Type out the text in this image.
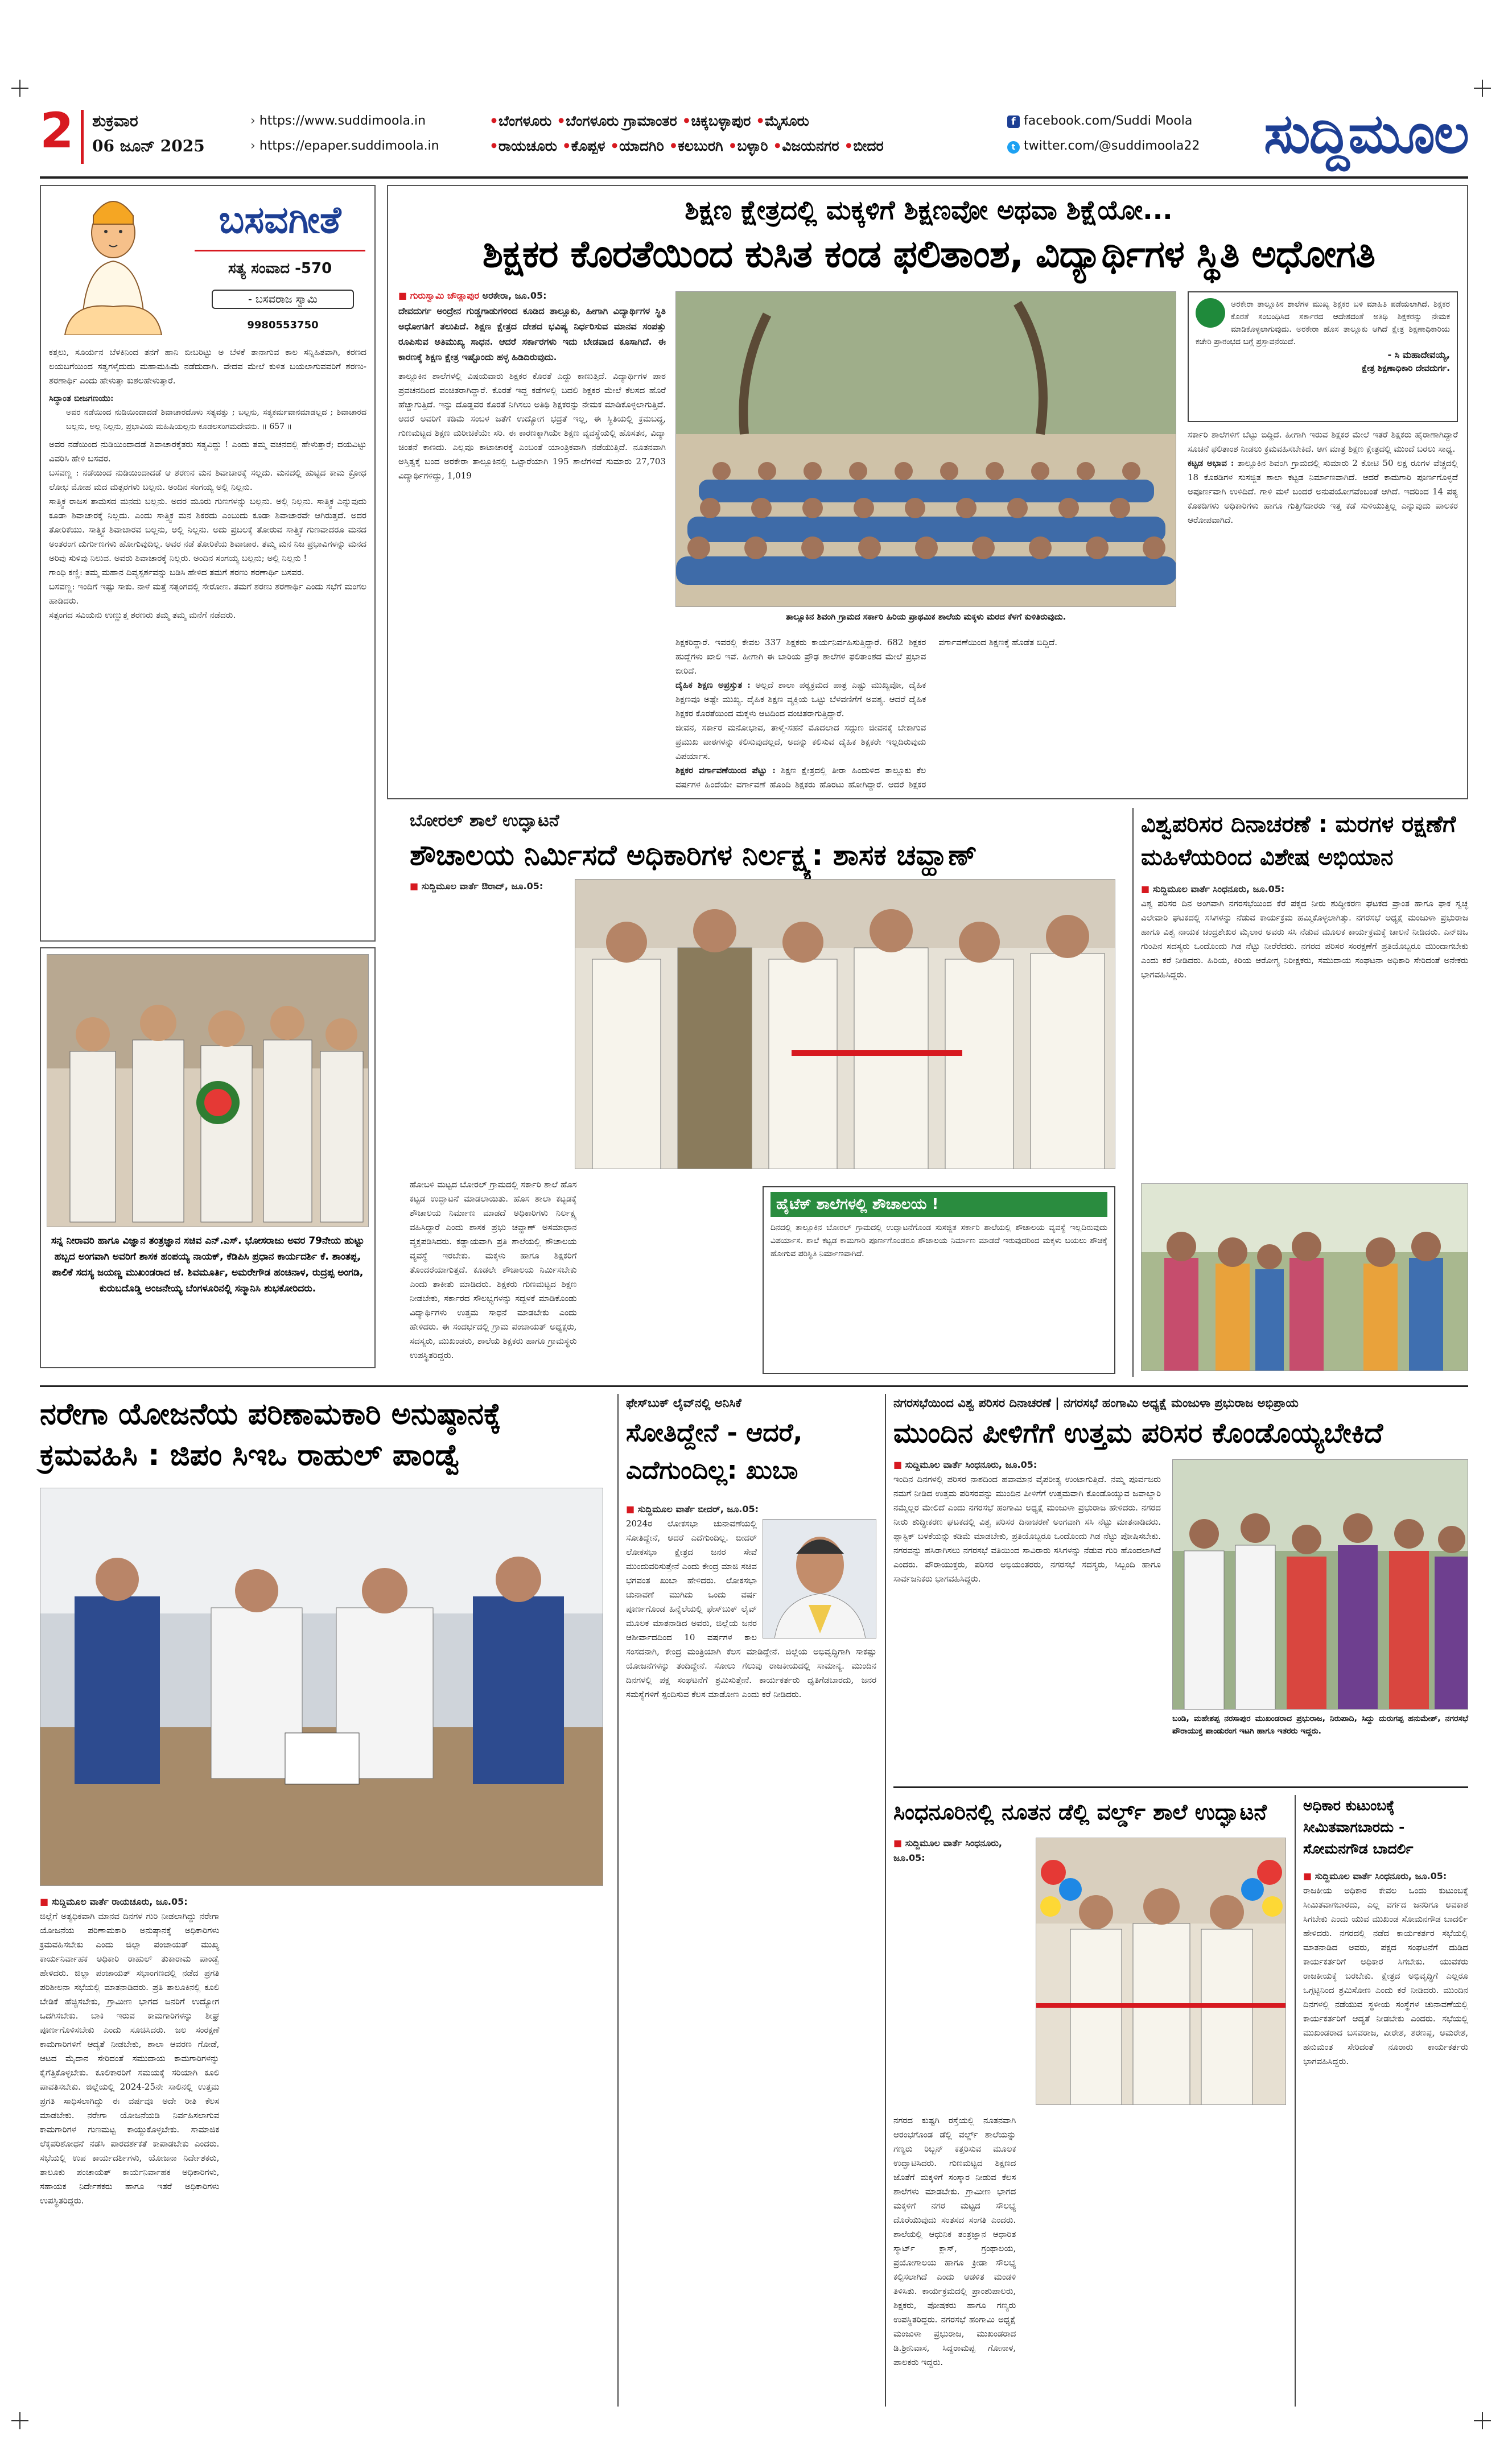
2 ಶುಕ್ರವಾರ
06 ಜೂನ್ 2025
› https://www.suddimoola.in
› https://epaper.suddimoola.in
•ಬೆಂಗಳೂರು •ಬೆಂಗಳೂರು ಗ್ರಾಮಾಂತರ •ಚಿಕ್ಕಬಳ್ಳಾಪುರ •ಮೈಸೂರು
•ರಾಯಚೂರು •ಕೊಪ್ಪಳ •ಯಾದಗಿರಿ •ಕಲಬುರಗಿ •ಬಳ್ಳಾರಿ •ವಿಜಯನಗರ •ಬೀದರ
f facebook.com/Suddi Moola
t twitter.com/@suddimoola22	ಸುದ್ದಿಮೂಲ
ಬಸವಗೀತೆ
ಸತ್ಯ ಸಂವಾದ -570
- ಬಸವರಾಜ ಸ್ವಾಮಿ
9980553750

ಕತ್ತಲು, ಸೂರ್ಯನ ಬೆಳಕಿನಿಂದ ತನಗೆ ಹಾನಿ ಬೀಬರಿಟ್ಟು ಅ ಬೆಳಕೆ ತಾನಾಗುವ ಕಾಲ ಸನ್ನಿಹಿತವಾಗಿ, ಕರಣದ ಲಯಬಗೆಯಿಂದ ಸತ್ವಗಳೈದುದು ಮಹಾಮಹಿಮೆ ನಡೆದುದಾಗಿ. ವೇದವ ಮೇಲೆ ಕುಳಿತ ಬಯಲಾಗುವವರಿಗೆ ಶರಣು-ಶರಣಾರ್ಥಿ ಎಂದು ಹೇಳುತ್ತಾ ಕುಶಲಹೇಳುತ್ತಾರೆ.

ಸಿದ್ಧಾಂತ ಬೀಜಗಣಯು:

ಅವರ ನಡೆಯಿಂದ ನುಡಿಯಿಂದಾದಡೆ ಶಿವಾಚಾರದೊಳು ಸತ್ಯವತ್ತು ; ಬಲ್ಲನು, ಸತ್ಯಕರ್ಮವಾನಮಾಡಲ್ಲದ ; ಶಿವಾಚಾರದ ಬಲ್ಲನು, ಅಲ್ಲ ನಿಲ್ಲನು, ಪ್ರಭಾವಿಯ ಮಹಿಷಿಯಲ್ಲನು ಕೂಡಲಸಂಗಮದೇವನು. ॥ 657 ॥

ಅವರ ನಡೆಯಿಂದ ನುಡಿಯಿಂದಾದಡೆ ಶಿವಾಚಾರಕ್ಕೆತರು ಸತ್ಯವಿದ್ದು ! ಎಂದು ತಮ್ಮ ವಚನದಲ್ಲಿ ಹೇಳುತ್ತಾರೆ; ದಯವಿಟ್ಟು ವಿವರಿಸಿ ಹೇಳಿ ಬಸವರ.

ಬಸವಣ್ಣ : ನಡೆಯಿಂದ ನುಡಿಯಿಂದಾದಡೆ ಆ ಶರಣನ ಮನ ಶಿವಾಚಾರಕ್ಕೆ ಸಲ್ಲದು. ಮನದಲ್ಲಿ ಹುಟ್ಟಿದ ಕಾಮ ಕ್ರೋಧ ಲೋಭ ಮೋಹ ಮದ ಮತ್ಸರಗಳು ಬಲ್ಲನು. ಅಂದಿನ ಸಂಗಯ್ಯ ಅಲ್ಲಿ ನಿಲ್ಲನು.

ಸಾತ್ತ್ವಿಕ ರಾಜಸ ತಾಮಸದ ಮನದು ಬಲ್ಲನು. ಅದರ ಮೂರು ಗುಣಗಳನ್ನು ಬಲ್ಲನು. ಅಲ್ಲಿ ನಿಲ್ಲನು. ಸಾತ್ತ್ವಿಕ ಎನ್ನುವುದು ಕೂಡಾ ಶಿವಾಚಾರಕ್ಕೆ ನಿಲ್ಲದು. ಎಂದು ಸಾತ್ತ್ವಿಕ ಮನ ಶಿಕರದು ಎಂಬುದು ಕೂಡಾ ಶಿವಾಚಾರವೇ ಆಗಿರುತ್ತದೆ. ಅದರ ತೋರಿಕೆಯು. ಸಾತ್ತ್ವಿಕ ಶಿವಾಚಾರವ ಬಲ್ಲನು, ಅಲ್ಲಿ ನಿಲ್ಲನು. ಅದು ಪ್ರಬಲಕ್ಕೆ ತೋರುವ ಸಾತ್ತ್ವಿಕ ಗುಣವಾದರೂ ಮನದ ಅಂತರಂಗ ದುರ್ಗುಣಗಳು ಹೋಗುವುದಿಲ್ಲ. ಅವರ ನಡೆ ತೋರಿಕೆಯ ಶಿವಾಚಾರ. ತಮ್ಮ ಮನ ನಿಜ ಪ್ರಭಾವಿಗಳನ್ನು ಮನದ ಅರಿವು ಸುಳಿವು ನಿಲುವ. ಅವರು ಶಿವಾಚಾರಕ್ಕೆ ನಿಲ್ಲರು. ಅಂದಿನ ಸಂಗಯ್ಯ ಬಲ್ಲನು; ಅಲ್ಲಿ ನಿಲ್ಲನು !

ಗಾಂಧಿ ಕಣ್ಣಿ: ತಮ್ಮ ಮಹಾನ ದಿವ್ಯಸ್ಪರ್ಶವನ್ನು ಬಡಿಸಿ ಹೇಳಿದ ತಮಗೆ ಶರಣು ಶರಣಾರ್ಥಿ ಬಸವರ.

ಬಸವಣ್ಣ: ಇಂದಿಗೆ ಇಷ್ಟು ಸಾಕು. ನಾಳೆ ಮತ್ತೆ ಸತ್ಸಂಗದಲ್ಲಿ ಸೇರೋಣ. ತಮಗೆ ಶರಣು ಶರಣಾರ್ಥಿ ಎಂದು ಸಭೆಗೆ ಮಂಗಲ ಹಾಡಿದರು.

ಸತ್ಸಂಗದ ಸವಿಯನು ಉಣ್ಣುತ್ತ ಶರಣರು ತಮ್ಮ ತಮ್ಮ ಮನೆಗೆ ನಡೆದರು.

ಸನ್ನ ನೀರಾವರಿ ಹಾಗೂ ವಿಜ್ಞಾನ ತಂತ್ರಜ್ಞಾನ ಸಚಿವ ಎನ್.ಎಸ್. ಭೋಸರಾಜು ಅವರ 79ನೇಯ ಹುಟ್ಟು ಹಬ್ಬದ ಅಂಗವಾಗಿ ಅವರಿಗೆ ಶಾಸಕ ಹಂಪಯ್ಯ ನಾಯಕ್, ಕೆಡಿಪಿಸಿ ಪ್ರಧಾನ ಕಾರ್ಯದರ್ಶಿ ಕೆ. ಶಾಂತಪ್ಪ, ಪಾಲಿಕೆ ಸದಸ್ಯ ಜಯಣ್ಣ ಮುಖಂಡರಾದ ಜೆ. ಶಿವಮೂರ್ತಿ, ಅಮರೇಗೌಡ ಹಂಚಿನಾಳ, ರುದ್ರಪ್ಪ ಅಂಗಡಿ, ಕುರುಬದೊಡ್ಡಿ ಅಂಜನೇಯ್ಯ ಬೆಂಗಳೂರಿನಲ್ಲಿ ಸನ್ಮಾನಿಸಿ ಶುಭಕೋರಿದರು.
ಶಿಕ್ಷಣ ಕ್ಷೇತ್ರದಲ್ಲಿ ಮಕ್ಕಳಿಗೆ ಶಿಕ್ಷಣವೋ ಅಥವಾ ಶಿಕ್ಷೆಯೋ...
ಶಿಕ್ಷಕರ ಕೊರತೆಯಿಂದ ಕುಸಿತ ಕಂಡ ಫಲಿತಾಂಶ, ವಿದ್ಯಾರ್ಥಿಗಳ ಸ್ಥಿತಿ ಅಧೋಗತಿ
■ ಗುರುಸ್ವಾಮಿ ಚೌಡ್ಲಾಪುರ ಅರಕೇರಾ, ಜೂ.05:

ದೇವದುರ್ಗ ಅಂದ್ರೇನ ಗುಡ್ಡಗಾಡುಗಳಿಂದ ಕೂಡಿದ ತಾಲ್ಲೂಕು, ಹೀಗಾಗಿ ವಿದ್ಯಾರ್ಥಿಗಳ ಸ್ಥಿತಿ ಅಧೋಗತಿಗೆ ತಲುಪಿದೆ. ಶಿಕ್ಷಣ ಕ್ಷೇತ್ರದ ದೇಶದ ಭವಿಷ್ಯ ನಿರ್ಧರಿಸುವ ಮಾನವ ಸಂಪತ್ತು ರೂಪಿಸುವ ಅತಿಮುಖ್ಯ ಸಾಧನ. ಆದರೆ ಸರ್ಕಾರಗಳು ಇದು ಬೇಡವಾದ ಕೂಸಾಗಿದೆ. ಈ ಕಾರಣಕ್ಕೆ ಶಿಕ್ಷಣ ಕ್ಷೇತ್ರ ಇಷ್ಟೊಂದು ಹಳ್ಳ ಹಿಡಿದಿರುವುದು.

ತಾಲ್ಲೂಕಿನ ಶಾಲೆಗಳಲ್ಲಿ ವಿಷಯವಾರು ಶಿಕ್ಷಕರ ಕೊರತೆ ಎದ್ದು ಕಾಣುತ್ತಿದೆ. ವಿದ್ಯಾರ್ಥಿಗಳ ಪಾಠ ಪ್ರವಚನದಿಂದ ವಂಚಿತರಾಗಿದ್ದಾರೆ. ಕೊರತೆ ಇದ್ದ ಕಡೆಗಳಲ್ಲಿ ಬದಲಿ ಶಿಕ್ಷಕರ ಮೇಲೆ ಕೆಲಸದ ಹೊರೆ ಹೆಚ್ಚಾಗುತ್ತಿದೆ. ಇನ್ನು ದೊಡ್ಡವರ ಕೊರತೆ ನಿಗಿಸಲು ಅತಿಥಿ ಶಿಕ್ಷಕರನ್ನು ನೇಮಕ ಮಾಡಿಕೊಳ್ಳಲಾಗುತ್ತಿದೆ. ಆದರೆ ಅವರಿಗೆ ಕಡಿಮೆ ಸಂಬಳ ಜತೆಗೆ ಉದ್ಯೋಗ ಭದ್ರತೆ ಇಲ್ಲ, ಈ ಸ್ಥಿತಿಯಲ್ಲಿ ಕ್ರಮಬದ್ಧ, ಗುಣಮಟ್ಟದ ಶಿಕ್ಷಣ ಮರೀಚಿಕೆಯೇ ಸರಿ. ಈ ಕಾರಣಕ್ಕಾಗಿಯೇ ಶಿಕ್ಷಣ ವ್ಯವಸ್ಥೆಯಲ್ಲಿ ಹೊಸತನ, ವಿದ್ಯಾ ಚಿಂತನೆ ಕಾಣದು. ಎಲ್ಲವೂ ಕಾಟಾಚಾರಕ್ಕೆ ಎಂಬಂತೆ ಯಾಂತ್ರಿಕವಾಗಿ ನಡೆಯುತ್ತಿದೆ. ನೂತನವಾಗಿ ಅಸ್ತಿತ್ವಕ್ಕೆ ಬಂದ ಅರಕೇರಾ ತಾಲ್ಲೂಕಿನಲ್ಲಿ ಒಟ್ಟಾರೆಯಾಗಿ 195 ಶಾಲೆಗಳಿವೆ ಸುಮಾರು 27,703 ವಿದ್ಯಾರ್ಥಿಗಳಿದ್ದು, 1,019

ತಾಲ್ಲೂಕಿನ ಶಿವಂಗಿ ಗ್ರಾಮದ ಸರ್ಕಾರಿ ಹಿರಿಯ ಪ್ರಾಥಮಿಕ ಶಾಲೆಯ ಮಕ್ಕಳು ಮರದ ಕೆಳಗೆ ಕುಳಿತಿರುವುದು.

ಶಿಕ್ಷಕರಿದ್ದಾರೆ. ಇವರಲ್ಲಿ ಕೇವಲ 337 ಶಿಕ್ಷಕರು ಕಾರ್ಯನಿರ್ವಹಿಸುತ್ತಿದ್ದಾರೆ. 682 ಶಿಕ್ಷಕರ ಹುದ್ದೆಗಳು ಖಾಲಿ ಇವೆ. ಹೀಗಾಗಿ ಈ ಬಾರಿಯ ಪ್ರೌಢ ಶಾಲೆಗಳ ಫಲಿತಾಂಶದ ಮೇಲೆ ಪ್ರಭಾವ ಬೀರಿದೆ.

ದೈಹಿಕ ಶಿಕ್ಷಣ ಅಪ್ರಸ್ತುತ : ಅಲ್ಲದೆ ಶಾಲಾ ಪಠ್ಯಕ್ರಮದ ಪಾತ್ರ ಎಷ್ಟು ಮುಖ್ಯವೋ, ದೈಹಿಕ ಶಿಕ್ಷಣವೂ ಅಷ್ಟೇ ಮುಖ್ಯ. ದೈಹಿಕ ಶಿಕ್ಷಣ ವ್ಯಕ್ತಿಯ ಒಟ್ಟು ಬೆಳವಣಿಗೆಗೆ ಅವಶ್ಯ. ಆದರೆ ದೈಹಿಕ ಶಿಕ್ಷಕರ ಕೊರತೆಯಿಂದ ಮಕ್ಕಳು ಆಟದಿಂದ ವಂಚಿತರಾಗುತ್ತಿದ್ದಾರೆ.

ಜೀವನ, ಸರ್ಕಾರ ಮನೋಭಾವ, ತಾಳ್ಮೆ-ಸಹನೆ ಮೊದಲಾದ ಸದ್ಗುಣ ಜೀವನಕ್ಕೆ ಬೇಕಾಗುವ ಪ್ರಮುಖ ಪಾಠಗಳನ್ನು ಕಲಿಸುವುದಲ್ಲದೆ, ಅದನ್ನು ಕಲಿಸುವ ದೈಹಿಕ ಶಿಕ್ಷಕರೇ ಇಲ್ಲದಿರುವುದು ವಿಪರ್ಯಾಸ.

ಶಿಕ್ಷಕರ ವರ್ಗಾವಣೆಯಿಂದ ಪೆಟ್ಟು : ಶಿಕ್ಷಣ ಕ್ಷೇತ್ರದಲ್ಲಿ ತೀರಾ ಹಿಂದುಳಿದ ತಾಲ್ಲೂಕು ಕೆಲ ವರ್ಷಗಳ ಹಿಂದೆಯೇ ವರ್ಗಾವಣೆ ಹೊಂದಿ ಶಿಕ್ಷಕರು ಹೊರಟು ಹೋಗಿದ್ದಾರೆ. ಆದರೆ ಶಿಕ್ಷಕರ ವರ್ಗಾವಣೆಯಿಂದ ಶಿಕ್ಷಣಕ್ಕೆ ಹೊಡೆತ ಬಿದ್ದಿದೆ.

ಅರಕೇರಾ ತಾಲ್ಲೂಕಿನ ಶಾಲೆಗಳ ಮುಖ್ಯ ಶಿಕ್ಷಕರ ಬಳಿ ಮಾಹಿತಿ ಪಡೆಯಲಾಗಿದೆ. ಶಿಕ್ಷಕರ ಕೊರತೆ ಸಂಬಂಧಿಸಿದ ಸರ್ಕಾರದ ಆದೇಶದಂತೆ ಅತಿಥಿ ಶಿಕ್ಷಕರನ್ನು ನೇಮಕ ಮಾಡಿಕೊಳ್ಳಲಾಗುವುದು. ಅರಕೇರಾ ಹೊಸ ತಾಲ್ಲೂಕು ಆಗಿದೆ ಕ್ಷೇತ್ರ ಶಿಕ್ಷಣಾಧಿಕಾರಿಯ ಕಚೇರಿ ಪ್ರಾರಂಭದ ಬಗ್ಗೆ ಪ್ರಸ್ತಾವನೆಯಿದೆ.

- ಸಿ ಮಹಾದೇವಯ್ಯ,

ಕ್ಷೇತ್ರ ಶಿಕ್ಷಣಾಧಿಕಾರಿ ದೇವದುರ್ಗ.

ಸರ್ಕಾರಿ ಶಾಲೆಗಳಿಗೆ ಬೆಟ್ಟು ಬಿದ್ದಿದೆ. ಹೀಗಾಗಿ ಇರುವ ಶಿಕ್ಷಕರ ಮೇಲೆ ಇತರೆ ಶಿಕ್ಷಕರು ಹೈರಾಣಾಗಿದ್ದಾರೆ ಸೂಚನೆ ಫಲಿತಾಂಶ ನೀಡಲು ಕ್ರಮವಹಿಸಬೇಕಿದೆ. ಆಗ ಮಾತ್ರ ಶಿಕ್ಷಣ ಕ್ಷೇತ್ರದಲ್ಲಿ ಮುಂದೆ ಬರಲು ಸಾಧ್ಯ.

ಕಟ್ಟಡ ಅಭಾವ : ತಾಲ್ಲೂಕಿನ ಶಿವಂಗಿ ಗ್ರಾಮದಲ್ಲಿ ಸುಮಾರು 2 ಕೋಟಿ 50 ಲಕ್ಷ ರೂಗಳ ವೆಚ್ಚದಲ್ಲಿ 18 ಕೊಠಡಿಗಳ ಸುಸಜ್ಜಿತ ಶಾಲಾ ಕಟ್ಟಡ ನಿರ್ಮಾಣವಾಗಿದೆ. ಆದರೆ ಕಾಮಗಾರಿ ಪೂರ್ಣಗೊಳ್ಳದೆ ಅಪೂರ್ಣವಾಗಿ ಉಳಿದಿದೆ. ಗಾಳಿ ಮಳೆ ಬಂದರೆ ಅನುಪಯೋಗವೆಂಬಂತೆ ಆಗಿದೆ. ಇದರಿಂದ 14 ಪಠ್ಯ ಕೊಠಡಿಗಳು ಅಧಿಕಾರಿಗಳು ಹಾಗೂ ಗುತ್ತಿಗೆದಾರರು ಇತ್ತ ಕಡೆ ಸುಳಿಯುತ್ತಿಲ್ಲ ಎನ್ನುವುದು ಪಾಲಕರ ಆರೋಪವಾಗಿದೆ.

ಬೋರಲ್ ಶಾಲೆ ಉದ್ಘಾಟನೆ
ಶೌಚಾಲಯ ನಿರ್ಮಿಸದೆ ಅಧಿಕಾರಿಗಳ ನಿರ್ಲಕ್ಷ್ಯ: ಶಾಸಕ ಚವ್ಹಾಣ್
■ ಸುದ್ದಿಮೂಲ ವಾರ್ತೆ ಔರಾದ್, ಜೂ.05:

ಹೋಬಳಿ ಮಟ್ಟದ ಬೋರಲ್ ಗ್ರಾಮದಲ್ಲಿ ಸರ್ಕಾರಿ ಶಾಲೆ ಹೊಸ ಕಟ್ಟಡ ಉದ್ಘಾಟನೆ ಮಾಡಲಾಯಿತು. ಹೊಸ ಶಾಲಾ ಕಟ್ಟಡಕ್ಕೆ ಶೌಚಾಲಯ ನಿರ್ಮಾಣ ಮಾಡದೆ ಅಧಿಕಾರಿಗಳು ನಿರ್ಲಕ್ಷ್ಯ ವಹಿಸಿದ್ದಾರೆ ಎಂದು ಶಾಸಕ ಪ್ರಭು ಚವ್ಹಾಣ್ ಅಸಮಾಧಾನ ವ್ಯಕ್ತಪಡಿಸಿದರು. ಕಡ್ಡಾಯವಾಗಿ ಪ್ರತಿ ಶಾಲೆಯಲ್ಲಿ ಶೌಚಾಲಯ ವ್ಯವಸ್ಥೆ ಇರಬೇಕು. ಮಕ್ಕಳು ಹಾಗೂ ಶಿಕ್ಷಕರಿಗೆ ತೊಂದರೆಯಾಗುತ್ತದೆ. ಕೂಡಲೇ ಶೌಚಾಲಯ ನಿರ್ಮಿಸಬೇಕು ಎಂದು ತಾಕೀತು ಮಾಡಿದರು. ಶಿಕ್ಷಕರು ಗುಣಮಟ್ಟದ ಶಿಕ್ಷಣ ನೀಡಬೇಕು, ಸರ್ಕಾರದ ಸೌಲಭ್ಯಗಳನ್ನು ಸದ್ಬಳಕೆ ಮಾಡಿಕೊಂಡು ವಿದ್ಯಾರ್ಥಿಗಳು ಉತ್ತಮ ಸಾಧನೆ ಮಾಡಬೇಕು ಎಂದು ಹೇಳಿದರು. ಈ ಸಂದರ್ಭದಲ್ಲಿ ಗ್ರಾಮ ಪಂಚಾಯತ್ ಅಧ್ಯಕ್ಷರು, ಸದಸ್ಯರು, ಮುಖಂಡರು, ಶಾಲೆಯ ಶಿಕ್ಷಕರು ಹಾಗೂ ಗ್ರಾಮಸ್ಥರು ಉಪಸ್ಥಿತರಿದ್ದರು.

ಹೈಟೆಕ್ ಶಾಲೆಗಳಲ್ಲಿ ಶೌಚಾಲಯ !

ದಿನದಲ್ಲಿ ತಾಲ್ಲೂಕಿನ ಬೋರಲ್ ಗ್ರಾಮದಲ್ಲಿ ಉದ್ಘಾಟನೆಗೊಂಡ ಸುಸಜ್ಜಿತ ಸರ್ಕಾರಿ ಶಾಲೆಯಲ್ಲಿ ಶೌಚಾಲಯ ವ್ಯವಸ್ಥೆ ಇಲ್ಲದಿರುವುದು ವಿಪರ್ಯಾಸ. ಶಾಲೆ ಕಟ್ಟಡ ಕಾಮಗಾರಿ ಪೂರ್ಣಗೊಂಡರೂ ಶೌಚಾಲಯ ನಿರ್ಮಾಣ ಮಾಡದೆ ಇರುವುದರಿಂದ ಮಕ್ಕಳು ಬಯಲು ಶೌಚಕ್ಕೆ ಹೋಗುವ ಪರಿಸ್ಥಿತಿ ನಿರ್ಮಾಣವಾಗಿದೆ.

ವಿಶ್ವಪರಿಸರ ದಿನಾಚರಣೆ : ಮರಗಳ ರಕ್ಷಣೆಗೆ ಮಹಿಳೆಯರಿಂದ ವಿಶೇಷ ಅಭಿಯಾನ
■ ಸುದ್ದಿಮೂಲ ವಾರ್ತೆ ಸಿಂಧನೂರು, ಜೂ.05:

ವಿಶ್ವ ಪರಿಸರ ದಿನ ಅಂಗವಾಗಿ ನಗರಸಭೆಯಿಂದ ಕೆರೆ ಪಕ್ಕದ ನೀರು ಶುದ್ಧೀಕರಣ ಘಟಕದ ಪ್ರಾಂತ ಹಾಗೂ ಫಾಕ ಸ್ವಚ್ಛ ವಿಲೇವಾರಿ ಘಟಕದಲ್ಲಿ ಸಸಿಗಳನ್ನು ನೆಡುವ ಕಾರ್ಯಕ್ರಮ ಹಮ್ಮಿಕೊಳ್ಳಲಾಗಿತ್ತು. ನಗರಸಭೆ ಅಧ್ಯಕ್ಷೆ ಮಂಜುಳಾ ಪ್ರಭುರಾಜ ಹಾಗೂ ವಿಶ್ವ ನಾಯಕ ಚಂದ್ರಶೇಖರ ಮೈಲಾರ ಅವರು ಸಸಿ ನೆಡುವ ಮೂಲಕ ಕಾರ್ಯಕ್ರಮಕ್ಕೆ ಚಾಲನೆ ನೀಡಿದರು. ಎನ್‌ಜಿಒ ಗುಂಪಿನ ಸದಸ್ಯರು ಒಂದೊಂದು ಗಿಡ ನೆಟ್ಟು ನೀರೆರೆದರು. ನಗರದ ಪರಿಸರ ಸಂರಕ್ಷಣೆಗೆ ಪ್ರತಿಯೊಬ್ಬರೂ ಮುಂದಾಗಬೇಕು ಎಂದು ಕರೆ ನೀಡಿದರು. ಹಿರಿಯ, ಕಿರಿಯ ಆರೋಗ್ಯ ನಿರೀಕ್ಷಕರು, ಸಮುದಾಯ ಸಂಘಟನಾ ಅಧಿಕಾರಿ ಸೇರಿದಂತೆ ಅನೇಕರು ಭಾಗವಹಿಸಿದ್ದರು.

ನರೇಗಾ ಯೋಜನೆಯ ಪರಿಣಾಮಕಾರಿ ಅನುಷ್ಠಾನಕ್ಕೆ ಕ್ರಮವಹಿಸಿ : ಜಿಪಂ ಸಿಇಒ ರಾಹುಲ್ ಪಾಂಡ್ವೆ
■ ಸುದ್ದಿಮೂಲ ವಾರ್ತೆ ರಾಯಚೂರು, ಜೂ.05:

ಜಿಲ್ಲೆಗೆ ಅತ್ಯಧಿಕವಾಗಿ ಮಾನವ ದಿನಗಳ ಗುರಿ ನೀಡಲಾಗಿದ್ದು ನರೇಗಾ ಯೋಜನೆಯ ಪರಿಣಾಮಕಾರಿ ಅನುಷ್ಠಾನಕ್ಕೆ ಅಧಿಕಾರಿಗಳು ಕ್ರಮವಹಿಸಬೇಕು ಎಂದು ಜಿಲ್ಲಾ ಪಂಚಾಯತ್ ಮುಖ್ಯ ಕಾರ್ಯನಿರ್ವಾಹಕ ಅಧಿಕಾರಿ ರಾಹುಲ್ ತುಕಾರಾಮ ಪಾಂಡ್ವೆ ಹೇಳಿದರು. ಜಿಲ್ಲಾ ಪಂಚಾಯತ್ ಸಭಾಂಗಣದಲ್ಲಿ ನಡೆದ ಪ್ರಗತಿ ಪರಿಶೀಲನಾ ಸಭೆಯಲ್ಲಿ ಮಾತನಾಡಿದರು. ಪ್ರತಿ ತಾಲೂಕಿನಲ್ಲಿ ಕೂಲಿ ಬೇಡಿಕೆ ಹೆಚ್ಚಿಸಬೇಕು, ಗ್ರಾಮೀಣ ಭಾಗದ ಜನರಿಗೆ ಉದ್ಯೋಗ ಒದಗಿಸಬೇಕು. ಬಾಕಿ ಇರುವ ಕಾಮಗಾರಿಗಳನ್ನು ಶೀಘ್ರ ಪೂರ್ಣಗೊಳಿಸಬೇಕು ಎಂದು ಸೂಚಿಸಿದರು. ಜಲ ಸಂರಕ್ಷಣೆ ಕಾಮಗಾರಿಗಳಿಗೆ ಆದ್ಯತೆ ನೀಡಬೇಕು, ಶಾಲಾ ಆವರಣ ಗೋಡೆ, ಆಟದ ಮೈದಾನ ಸೇರಿದಂತೆ ಸಮುದಾಯ ಕಾಮಗಾರಿಗಳನ್ನು ಕೈಗೆತ್ತಿಕೊಳ್ಳಬೇಕು. ಕೂಲಿಕಾರರಿಗೆ ಸಮಯಕ್ಕೆ ಸರಿಯಾಗಿ ಕೂಲಿ ಪಾವತಿಸಬೇಕು. ಜಿಲ್ಲೆಯಲ್ಲಿ 2024-25ನೇ ಸಾಲಿನಲ್ಲಿ ಉತ್ತಮ ಪ್ರಗತಿ ಸಾಧಿಸಲಾಗಿದ್ದು ಈ ವರ್ಷವೂ ಅದೇ ರೀತಿ ಕೆಲಸ ಮಾಡಬೇಕು. ನರೇಗಾ ಯೋಜನೆಯಡಿ ನಿರ್ವಹಿಸಲಾಗುವ ಕಾಮಗಾರಿಗಳ ಗುಣಮಟ್ಟ ಕಾಯ್ದುಕೊಳ್ಳಬೇಕು. ಸಾಮಾಜಿಕ ಲೆಕ್ಕಪರಿಶೋಧನೆ ನಡೆಸಿ ಪಾರದರ್ಶಕತೆ ಕಾಪಾಡಬೇಕು ಎಂದರು. ಸಭೆಯಲ್ಲಿ ಉಪ ಕಾರ್ಯದರ್ಶಿಗಳು, ಯೋಜನಾ ನಿರ್ದೇಶಕರು, ತಾಲೂಕು ಪಂಚಾಯತ್ ಕಾರ್ಯನಿರ್ವಾಹಕ ಅಧಿಕಾರಿಗಳು, ಸಹಾಯಕ ನಿರ್ದೇಶಕರು ಹಾಗೂ ಇತರೆ ಅಧಿಕಾರಿಗಳು ಉಪಸ್ಥಿತರಿದ್ದರು.

ಫೇಸ್‌ಬುಕ್ ಲೈವ್‌ನಲ್ಲಿ ಅನಿಸಿಕೆ
ಸೋತಿದ್ದೇನೆ - ಆದರೆ, ಎದೆಗುಂದಿಲ್ಲ: ಖುಬಾ
■ ಸುದ್ದಿಮೂಲ ವಾರ್ತೆ ಬೀದರ್, ಜೂ.05:

2024ರ ಲೋಕಸಭಾ ಚುನಾವಣೆಯಲ್ಲಿ ಸೋತಿದ್ದೇನೆ, ಆದರೆ ಎದೆಗುಂದಿಲ್ಲ. ಬೀದರ್ ಲೋಕಸಭಾ ಕ್ಷೇತ್ರದ ಜನರ ಸೇವೆ ಮುಂದುವರಿಸುತ್ತೇನೆ ಎಂದು ಕೇಂದ್ರ ಮಾಜಿ ಸಚಿವ ಭಗವಂತ ಖುಬಾ ಹೇಳಿದರು. ಲೋಕಸಭಾ ಚುನಾವಣೆ ಮುಗಿದು ಒಂದು ವರ್ಷ ಪೂರ್ಣಗೊಂಡ ಹಿನ್ನೆಲೆಯಲ್ಲಿ ಫೇಸ್‌ಬುಕ್ ಲೈವ್ ಮೂಲಕ ಮಾತನಾಡಿದ ಅವರು, ಜಿಲ್ಲೆಯ ಜನರ ಆಶೀರ್ವಾದದಿಂದ 10 ವರ್ಷಗಳ ಕಾಲ ಸಂಸದನಾಗಿ, ಕೇಂದ್ರ ಮಂತ್ರಿಯಾಗಿ ಕೆಲಸ ಮಾಡಿದ್ದೇನೆ. ಜಿಲ್ಲೆಯ ಅಭಿವೃದ್ಧಿಗಾಗಿ ಸಾಕಷ್ಟು ಯೋಜನೆಗಳನ್ನು ತಂದಿದ್ದೇನೆ. ಸೋಲು ಗೆಲುವು ರಾಜಕೀಯದಲ್ಲಿ ಸಾಮಾನ್ಯ. ಮುಂದಿನ ದಿನಗಳಲ್ಲಿ ಪಕ್ಷ ಸಂಘಟನೆಗೆ ಶ್ರಮಿಸುತ್ತೇನೆ. ಕಾರ್ಯಕರ್ತರು ಧೃತಿಗೆಡಬಾರದು, ಜನರ ಸಮಸ್ಯೆಗಳಿಗೆ ಸ್ಪಂದಿಸುವ ಕೆಲಸ ಮಾಡೋಣ ಎಂದು ಕರೆ ನೀಡಿದರು.

ನಗರಸಭೆಯಿಂದ ವಿಶ್ವ ಪರಿಸರ ದಿನಾಚರಣೆ | ನಗರಸಭೆ ಹಂಗಾಮಿ ಅಧ್ಯಕ್ಷೆ ಮಂಜುಳಾ ಪ್ರಭುರಾಜ ಅಭಿಪ್ರಾಯ
ಮುಂದಿನ ಪೀಳಿಗೆಗೆ ಉತ್ತಮ ಪರಿಸರ ಕೊಂಡೊಯ್ಯಬೇಕಿದೆ
■ ಸುದ್ದಿಮೂಲ ವಾರ್ತೆ ಸಿಂಧನೂರು, ಜೂ.05:

ಇಂದಿನ ದಿನಗಳಲ್ಲಿ ಪರಿಸರ ನಾಶದಿಂದ ಹವಾಮಾನ ವೈಪರೀತ್ಯ ಉಂಟಾಗುತ್ತಿದೆ. ನಮ್ಮ ಪೂರ್ವಜರು ನಮಗೆ ನೀಡಿದ ಉತ್ತಮ ಪರಿಸರವನ್ನು ಮುಂದಿನ ಪೀಳಿಗೆಗೆ ಉತ್ತಮವಾಗಿ ಕೊಂಡೊಯ್ಯುವ ಜವಾಬ್ದಾರಿ ನಮ್ಮೆಲ್ಲರ ಮೇಲಿದೆ ಎಂದು ನಗರಸಭೆ ಹಂಗಾಮಿ ಅಧ್ಯಕ್ಷೆ ಮಂಜುಳಾ ಪ್ರಭುರಾಜ ಹೇಳಿದರು. ನಗರದ ನೀರು ಶುದ್ಧೀಕರಣ ಘಟಕದಲ್ಲಿ ವಿಶ್ವ ಪರಿಸರ ದಿನಾಚರಣೆ ಅಂಗವಾಗಿ ಸಸಿ ನೆಟ್ಟು ಮಾತನಾಡಿದರು. ಪ್ಲಾಸ್ಟಿಕ್ ಬಳಕೆಯನ್ನು ಕಡಿಮೆ ಮಾಡಬೇಕು, ಪ್ರತಿಯೊಬ್ಬರೂ ಒಂದೊಂದು ಗಿಡ ನೆಟ್ಟು ಪೋಷಿಸಬೇಕು. ನಗರವನ್ನು ಹಸಿರಾಗಿಸಲು ನಗರಸಭೆ ವತಿಯಿಂದ ಸಾವಿರಾರು ಸಸಿಗಳನ್ನು ನೆಡುವ ಗುರಿ ಹೊಂದಲಾಗಿದೆ ಎಂದರು. ಪೌರಾಯುಕ್ತರು, ಪರಿಸರ ಅಭಿಯಂತರರು, ನಗರಸಭೆ ಸದಸ್ಯರು, ಸಿಬ್ಬಂದಿ ಹಾಗೂ ಸಾರ್ವಜನಿಕರು ಭಾಗವಹಿಸಿದ್ದರು.

ಬಂಡಿ, ಮಹೇಶಪ್ಪ ನರಸಾಪುರ ಮುಖಂಡರಾದ ಪ್ರಭುರಾಜ, ನಿರುಪಾದಿ, ಸಿದ್ದು ದುರುಗಪ್ಪ ಹನುಮೇಶ್, ನಗರಸಭೆ ಪೌರಾಯುಕ್ತ ಪಾಂಡುರಂಗ ಇಟಗಿ ಹಾಗೂ ಇತರರು ಇದ್ದರು.
ಸಿಂಧನೂರಿನಲ್ಲಿ ನೂತನ ಡೆಲ್ಲಿ ವರ್ಲ್ಡ್ ಶಾಲೆ ಉದ್ಘಾಟನೆ
■ ಸುದ್ದಿಮೂಲ ವಾರ್ತೆ ಸಿಂಧನೂರು, ಜೂ.05:

ನಗರದ ಕುಷ್ಟಗಿ ರಸ್ತೆಯಲ್ಲಿ ನೂತನವಾಗಿ ಆರಂಭಗೊಂಡ ಡೆಲ್ಲಿ ವರ್ಲ್ಡ್ ಶಾಲೆಯನ್ನು ಗಣ್ಯರು ರಿಬ್ಬನ್ ಕತ್ತರಿಸುವ ಮೂಲಕ ಉದ್ಘಾಟಿಸಿದರು. ಗುಣಮಟ್ಟದ ಶಿಕ್ಷಣದ ಜೊತೆಗೆ ಮಕ್ಕಳಿಗೆ ಸಂಸ್ಕಾರ ನೀಡುವ ಕೆಲಸ ಶಾಲೆಗಳು ಮಾಡಬೇಕು. ಗ್ರಾಮೀಣ ಭಾಗದ ಮಕ್ಕಳಿಗೆ ನಗರ ಮಟ್ಟದ ಸೌಲಭ್ಯ ದೊರೆಯುವುದು ಸಂತಸದ ಸಂಗತಿ ಎಂದರು. ಶಾಲೆಯಲ್ಲಿ ಆಧುನಿಕ ತಂತ್ರಜ್ಞಾನ ಆಧಾರಿತ ಸ್ಮಾರ್ಟ್ ಕ್ಲಾಸ್, ಗ್ರಂಥಾಲಯ, ಪ್ರಯೋಗಾಲಯ ಹಾಗೂ ಕ್ರೀಡಾ ಸೌಲಭ್ಯ ಕಲ್ಪಿಸಲಾಗಿದೆ ಎಂದು ಆಡಳಿತ ಮಂಡಳಿ ತಿಳಿಸಿತು. ಕಾರ್ಯಕ್ರಮದಲ್ಲಿ ಪ್ರಾಂಶುಪಾಲರು, ಶಿಕ್ಷಕರು, ಪೋಷಕರು ಹಾಗೂ ಗಣ್ಯರು ಉಪಸ್ಥಿತರಿದ್ದರು. ನಗರಸಭೆ ಹಂಗಾಮಿ ಅಧ್ಯಕ್ಷೆ ಮಂಜುಳಾ ಪ್ರಭುರಾಜ, ಮುಖಂಡರಾದ ಡಿ.ಶ್ರೀನಿವಾಸ, ಸಿದ್ದರಾಮಪ್ಪ ಗೋನಾಳ, ಪಾಲಕರು ಇದ್ದರು.

ಅಧಿಕಾರ ಕುಟುಂಬಕ್ಕೆ ಸೀಮಿತವಾಗಬಾರದು - ಸೋಮನಗೌಡ ಬಾದರ್ಲಿ
■ ಸುದ್ದಿಮೂಲ ವಾರ್ತೆ ಸಿಂಧನೂರು, ಜೂ.05:

ರಾಜಕೀಯ ಅಧಿಕಾರ ಕೇವಲ ಒಂದು ಕುಟುಂಬಕ್ಕೆ ಸೀಮಿತವಾಗಬಾರದು, ಎಲ್ಲ ವರ್ಗದ ಜನರಿಗೂ ಅವಕಾಶ ಸಿಗಬೇಕು ಎಂದು ಯುವ ಮುಖಂಡ ಸೋಮನಗೌಡ ಬಾದರ್ಲಿ ಹೇಳಿದರು. ನಗರದಲ್ಲಿ ನಡೆದ ಕಾರ್ಯಕರ್ತರ ಸಭೆಯಲ್ಲಿ ಮಾತನಾಡಿದ ಅವರು, ಪಕ್ಷದ ಸಂಘಟನೆಗೆ ದುಡಿದ ಕಾರ್ಯಕರ್ತರಿಗೆ ಅಧಿಕಾರ ಸಿಗಬೇಕು. ಯುವಕರು ರಾಜಕೀಯಕ್ಕೆ ಬರಬೇಕು. ಕ್ಷೇತ್ರದ ಅಭಿವೃದ್ಧಿಗೆ ಎಲ್ಲರೂ ಒಗ್ಗಟ್ಟಿನಿಂದ ಶ್ರಮಿಸೋಣ ಎಂದು ಕರೆ ನೀಡಿದರು. ಮುಂದಿನ ದಿನಗಳಲ್ಲಿ ನಡೆಯುವ ಸ್ಥಳೀಯ ಸಂಸ್ಥೆಗಳ ಚುನಾವಣೆಯಲ್ಲಿ ಕಾರ್ಯಕರ್ತರಿಗೆ ಆದ್ಯತೆ ನೀಡಬೇಕು ಎಂದರು. ಸಭೆಯಲ್ಲಿ ಮುಖಂಡರಾದ ಬಸವರಾಜ, ವೀರೇಶ, ಶರಣಪ್ಪ, ಅಮರೇಶ, ಹನುಮಂತ ಸೇರಿದಂತೆ ನೂರಾರು ಕಾರ್ಯಕರ್ತರು ಭಾಗವಹಿಸಿದ್ದರು.
